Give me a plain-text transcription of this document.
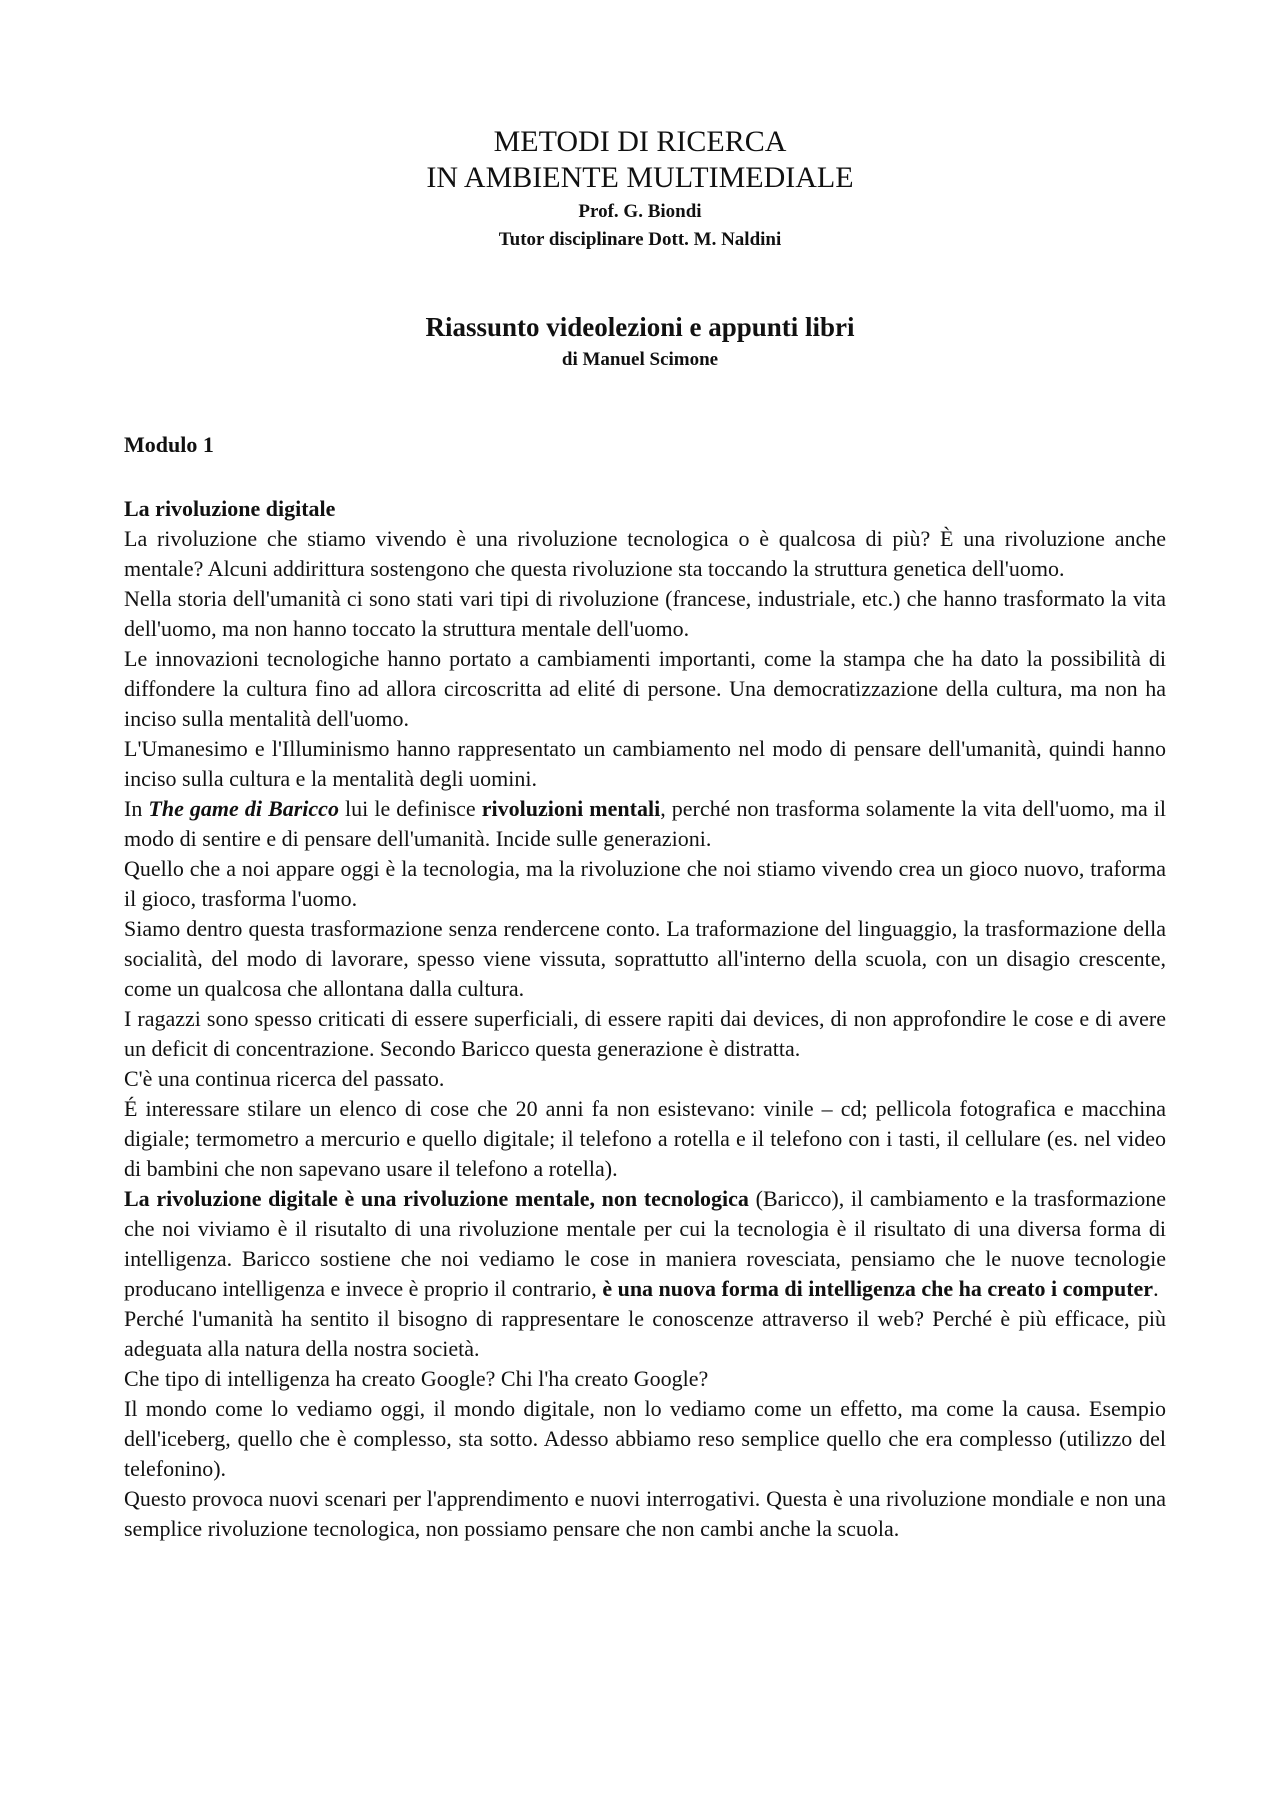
METODI DI RICERCA
IN AMBIENTE MULTIMEDIALE
Prof. G. Biondi
Tutor disciplinare Dott. M. Naldini
Riassunto videolezioni e appunti libri
di Manuel Scimone
Modulo 1

La rivoluzione digitale

La rivoluzione che stiamo vivendo è una rivoluzione tecnologica o è qualcosa di più? È una rivoluzione anche mentale? Alcuni addirittura sostengono che questa rivoluzione sta toccando la struttura genetica dell'uomo.

Nella storia dell'umanità ci sono stati vari tipi di rivoluzione (francese, industriale, etc.) che hanno trasformato la vita dell'uomo, ma non hanno toccato la struttura mentale dell'uomo.

Le innovazioni tecnologiche hanno portato a cambiamenti importanti, come la stampa che ha dato la possibilità di diffondere la cultura fino ad allora circoscritta ad elité di persone. Una democratizzazione della cultura, ma non ha inciso sulla mentalità dell'uomo.

L'Umanesimo e l'Illuminismo hanno rappresentato un cambiamento nel modo di pensare dell'umanità, quindi hanno inciso sulla cultura e la mentalità degli uomini.

In The game di Baricco lui le definisce rivoluzioni mentali, perché non trasforma solamente la vita dell'uomo, ma il modo di sentire e di pensare dell'umanità. Incide sulle generazioni.

Quello che a noi appare oggi è la tecnologia, ma la rivoluzione che noi stiamo vivendo crea un gioco nuovo, traforma il gioco, trasforma l'uomo.

Siamo dentro questa trasformazione senza rendercene conto. La traformazione del linguaggio, la trasformazione della socialità, del modo di lavorare, spesso viene vissuta, soprattutto all'interno della scuola, con un disagio crescente, come un qualcosa che allontana dalla cultura.

I ragazzi sono spesso criticati di essere superficiali, di essere rapiti dai devices, di non approfondire le cose e di avere un deficit di concentrazione. Secondo Baricco questa generazione è distratta.

C'è una continua ricerca del passato.

É interessare stilare un elenco di cose che 20 anni fa non esistevano: vinile – cd; pellicola fotografica e macchina digiale; termometro a mercurio e quello digitale; il telefono a rotella e il telefono con i tasti, il cellulare (es. nel video di bambini che non sapevano usare il telefono a rotella).

La rivoluzione digitale è una rivoluzione mentale, non tecnologica (Baricco), il cambiamento e la trasformazione che noi viviamo è il risutalto di una rivoluzione mentale per cui la tecnologia è il risultato di una diversa forma di intelligenza. Baricco sostiene che noi vediamo le cose in maniera rovesciata, pensiamo che le nuove tecnologie producano intelligenza e invece è proprio il contrario, è una nuova forma di intelligenza che ha creato i computer.

Perché l'umanità ha sentito il bisogno di rappresentare le conoscenze attraverso il web? Perché è più efficace, più adeguata alla natura della nostra società.

Che tipo di intelligenza ha creato Google? Chi l'ha creato Google?

Il mondo come lo vediamo oggi, il mondo digitale, non lo vediamo come un effetto, ma come la causa. Esempio dell'iceberg, quello che è complesso, sta sotto. Adesso abbiamo reso semplice quello che era complesso (utilizzo del telefonino).

Questo provoca nuovi scenari per l'apprendimento e nuovi interrogativi. Questa è una rivoluzione mondiale e non una semplice rivoluzione tecnologica, non possiamo pensare che non cambi anche la scuola.
